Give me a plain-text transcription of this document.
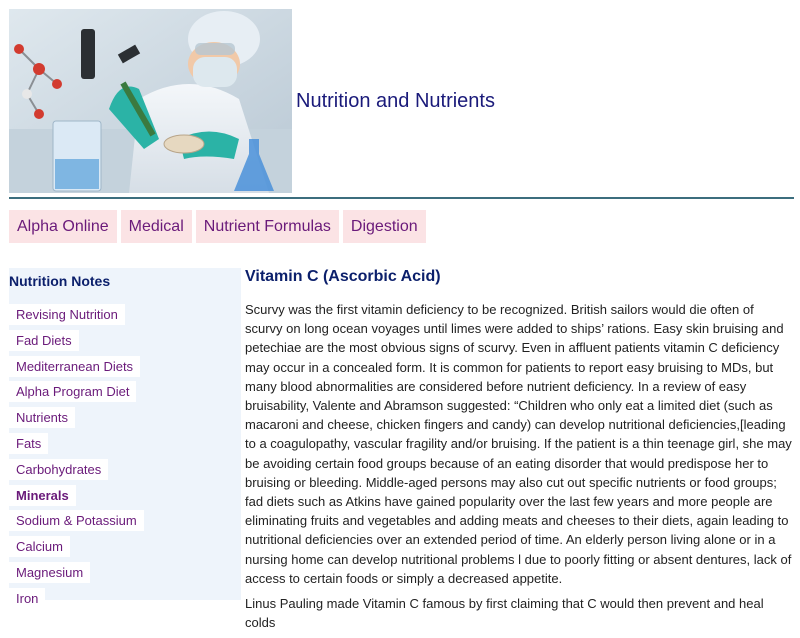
Nutrition and Nutrients
Alpha Online	Medical	Nutrient Formulas	Digestion
Nutrition Notes
Revising Nutrition
Fad Diets
Mediterranean Diets
Alpha Program Diet
Nutrients
Fats
Carbohydrates
Minerals
Sodium & Potassium
Calcium
Magnesium
Iron
Vitamin C (Ascorbic Acid)

Scurvy was the first vitamin deficiency to be recognized. British sailors would die often of scurvy on long ocean voyages until limes were added to ships’ rations. Easy skin bruising and petechiae are the most obvious signs of scurvy. Even in affluent patients vitamin C deficiency may occur in a concealed form. It is common for patients to report easy bruising to MDs, but many blood abnormalities are considered before nutrient deficiency. In a review of easy bruisability, Valente and Abramson suggested: “Children who only eat a limited diet (such as macaroni and cheese, chicken fingers and candy) can develop nutritional deficiencies,[leading to a coagulopathy, vascular fragility and/or bruising. If the patient is a thin teenage girl, she may be avoiding certain food groups because of an eating disorder that would predispose her to bruising or bleeding. Middle-aged persons may also cut out specific nutrients or food groups; fad diets such as Atkins have gained popularity over the last few years and more people are eliminating fruits and vegetables and adding meats and cheeses to their diets, again leading to nutritional deficiencies over an extended period of time. An elderly person living alone or in a nursing home can develop nutritional problems l due to poorly fitting or absent dentures, lack of access to certain foods or simply a decreased appetite.

Linus Pauling made Vitamin C famous by first claiming that C would then prevent and heal colds
